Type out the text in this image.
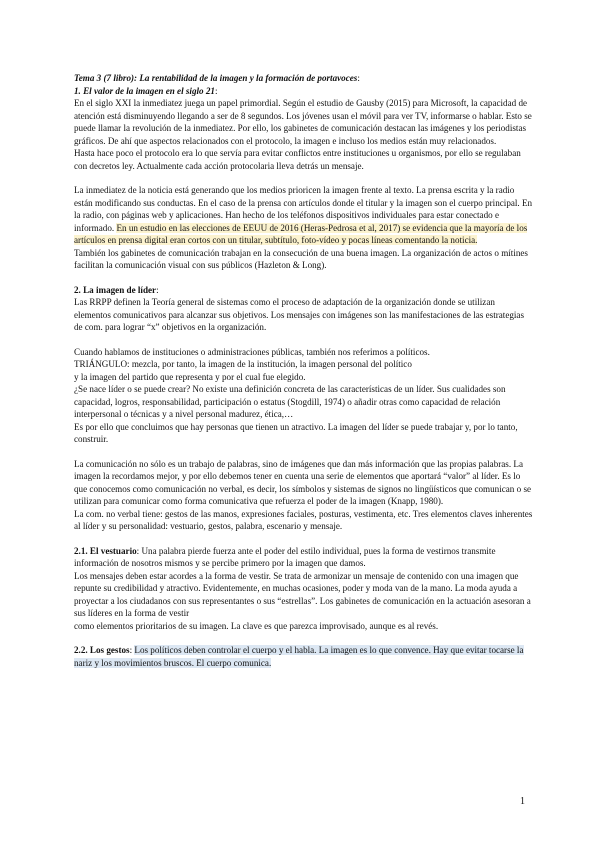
Tema 3 (7 libro): La rentabilidad de la imagen y la formación de portavoces:

1. El valor de la imagen en el siglo 21:

En el siglo XXI la inmediatez juega un papel primordial. Según el estudio de Gausby (2015) para Microsoft, la capacidad de atención está disminuyendo llegando a ser de 8 segundos. Los jóvenes usan el móvil para ver TV, informarse o hablar. Esto se puede llamar la revolución de la inmediatez. Por ello, los gabinetes de comunicación destacan las imágenes y los periodistas gráficos. De ahí que aspectos relacionados con el protocolo, la imagen e incluso los medios están muy relacionados.

Hasta hace poco el protocolo era lo que servía para evitar conflictos entre instituciones u organismos, por ello se regulaban con decretos ley. Actualmente cada acción protocolaria lleva detrás un mensaje.

La inmediatez de la noticia está generando que los medios prioricen la imagen frente al texto. La prensa escrita y la radio están modificando sus conductas. En el caso de la prensa con artículos donde el titular y la imagen son el cuerpo principal. En la radio, con páginas web y aplicaciones. Han hecho de los teléfonos dispositivos individuales para estar conectado e informado. En un estudio en las elecciones de EEUU de 2016 (Heras-Pedrosa et al, 2017) se evidencia que la mayoría de los artículos en prensa digital eran cortos con un titular, subtítulo, foto-vídeo y pocas líneas comentando la noticia.

También los gabinetes de comunicación trabajan en la consecución de una buena imagen. La organización de actos o mítines facilitan la comunicación visual con sus públicos (Hazleton & Long).

2. La imagen de líder:

Las RRPP definen la Teoría general de sistemas como el proceso de adaptación de la organización donde se utilizan elementos comunicativos para alcanzar sus objetivos. Los mensajes con imágenes son las manifestaciones de las estrategias de com. para lograr “x” objetivos en la organización.

Cuando hablamos de instituciones o administraciones públicas, también nos referimos a políticos.

TRIÁNGULO: mezcla, por tanto, la imagen de la institución, la imagen personal del político

y la imagen del partido que representa y por el cual fue elegido.

¿Se nace líder o se puede crear? No existe una definición concreta de las características de un líder. Sus cualidades son capacidad, logros, responsabilidad, participación o estatus (Stogdill, 1974) o añadir otras como capacidad de relación interpersonal o técnicas y a nivel personal madurez, ética,…

Es por ello que concluimos que hay personas que tienen un atractivo. La imagen del líder se puede trabajar y, por lo tanto, construir.

La comunicación no sólo es un trabajo de palabras, sino de imágenes que dan más información que las propias palabras. La imagen la recordamos mejor, y por ello debemos tener en cuenta una serie de elementos que aportará “valor” al líder. Es lo que conocemos como comunicación no verbal, es decir, los símbolos y sistemas de signos no lingüísticos que comunican o se utilizan para comunicar como forma comunicativa que refuerza el poder de la imagen (Knapp, 1980).

La com. no verbal tiene: gestos de las manos, expresiones faciales, posturas, vestimenta, etc. Tres elementos claves inherentes al líder y su personalidad: vestuario, gestos, palabra, escenario y mensaje.

2.1. El vestuario: Una palabra pierde fuerza ante el poder del estilo individual, pues la forma de vestirnos transmite información de nosotros mismos y se percibe primero por la imagen que damos.

Los mensajes deben estar acordes a la forma de vestir. Se trata de armonizar un mensaje de contenido con una imagen que repunte su credibilidad y atractivo. Evidentemente, en muchas ocasiones, poder y moda van de la mano. La moda ayuda a proyectar a los ciudadanos con sus representantes o sus “estrellas”. Los gabinetes de comunicación en la actuación asesoran a sus líderes en la forma de vestir

como elementos prioritarios de su imagen. La clave es que parezca improvisado, aunque es al revés.

2.2. Los gestos: Los políticos deben controlar el cuerpo y el habla. La imagen es lo que convence. Hay que evitar tocarse la nariz y los movimientos bruscos. El cuerpo comunica.

1
